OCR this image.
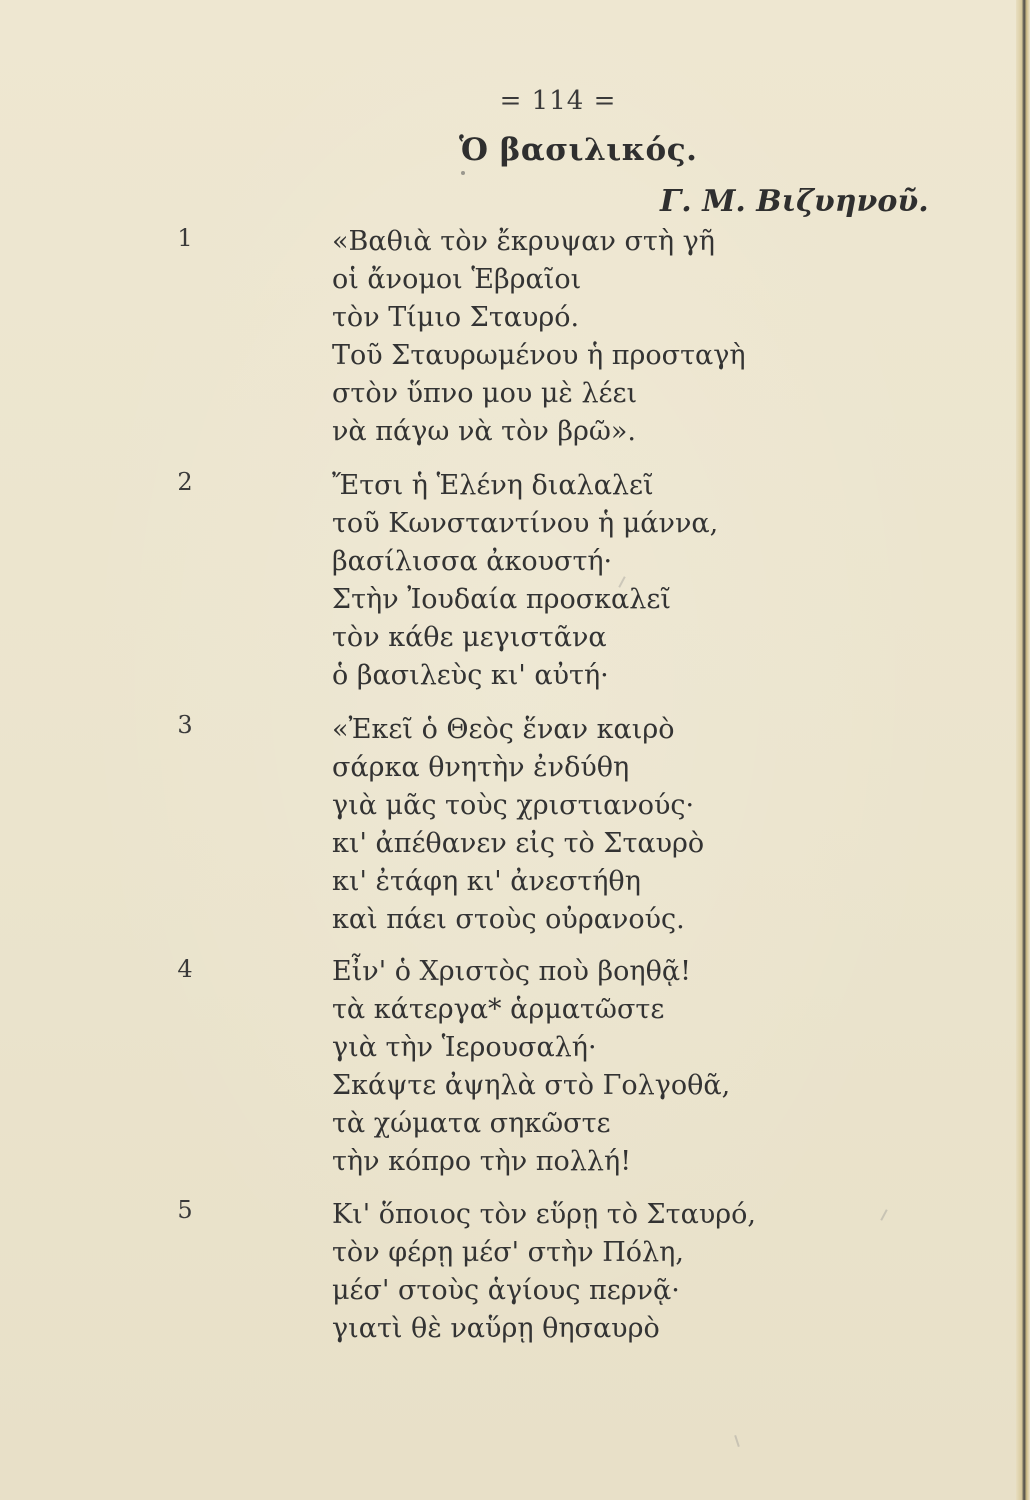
= 114 =
Ὁ βασιλικός.
Γ. Μ. Βιζυηνοῦ.
1	«Βαθιὰ τὸν ἔκρυψαν στὴ γῆ
οἱ ἄνομοι Ἑβραῖοι
τὸν Τίμιο Σταυρό.
Τοῦ Σταυρωμένου ἡ προσταγὴ
στὸν ὕπνο μου μὲ λέει
νὰ πάγω νὰ τὸν βρῶ».
2	Ἔτσι ἡ Ἑλένη διαλαλεῖ
τοῦ Κωνσταντίνου ἡ μάννα,
βασίλισσα ἀκουστή·
Στὴν Ἰουδαία προσκαλεῖ
τὸν κάθε μεγιστᾶνα
ὁ βασιλεὺς κι' αὐτή·
3	«Ἐκεῖ ὁ Θεὸς ἕναν καιρὸ
σάρκα θνητὴν ἐνδύθη
γιὰ μᾶς τοὺς χριστιανούς·
κι' ἀπέθανεν εἰς τὸ Σταυρὸ
κι' ἐτάφη κι' ἀνεστήθη
καὶ πάει στοὺς οὐρανούς.
4	Εἶν' ὁ Χριστὸς ποὺ βοηθᾷ!
τὰ κάτεργα* ἁρματῶστε
γιὰ τὴν Ἱερουσαλή·
Σκάψτε ἀψηλὰ στὸ Γολγοθᾶ,
τὰ χώματα σηκῶστε
τὴν κόπρο τὴν πολλή!
5	Κι' ὅποιος τὸν εὕρῃ τὸ Σταυρό,
τὸν φέρῃ μέσ' στὴν Πόλη,
μέσ' στοὺς ἁγίους περνᾷ·
γιατὶ θὲ ναὕρῃ θησαυρὸ
